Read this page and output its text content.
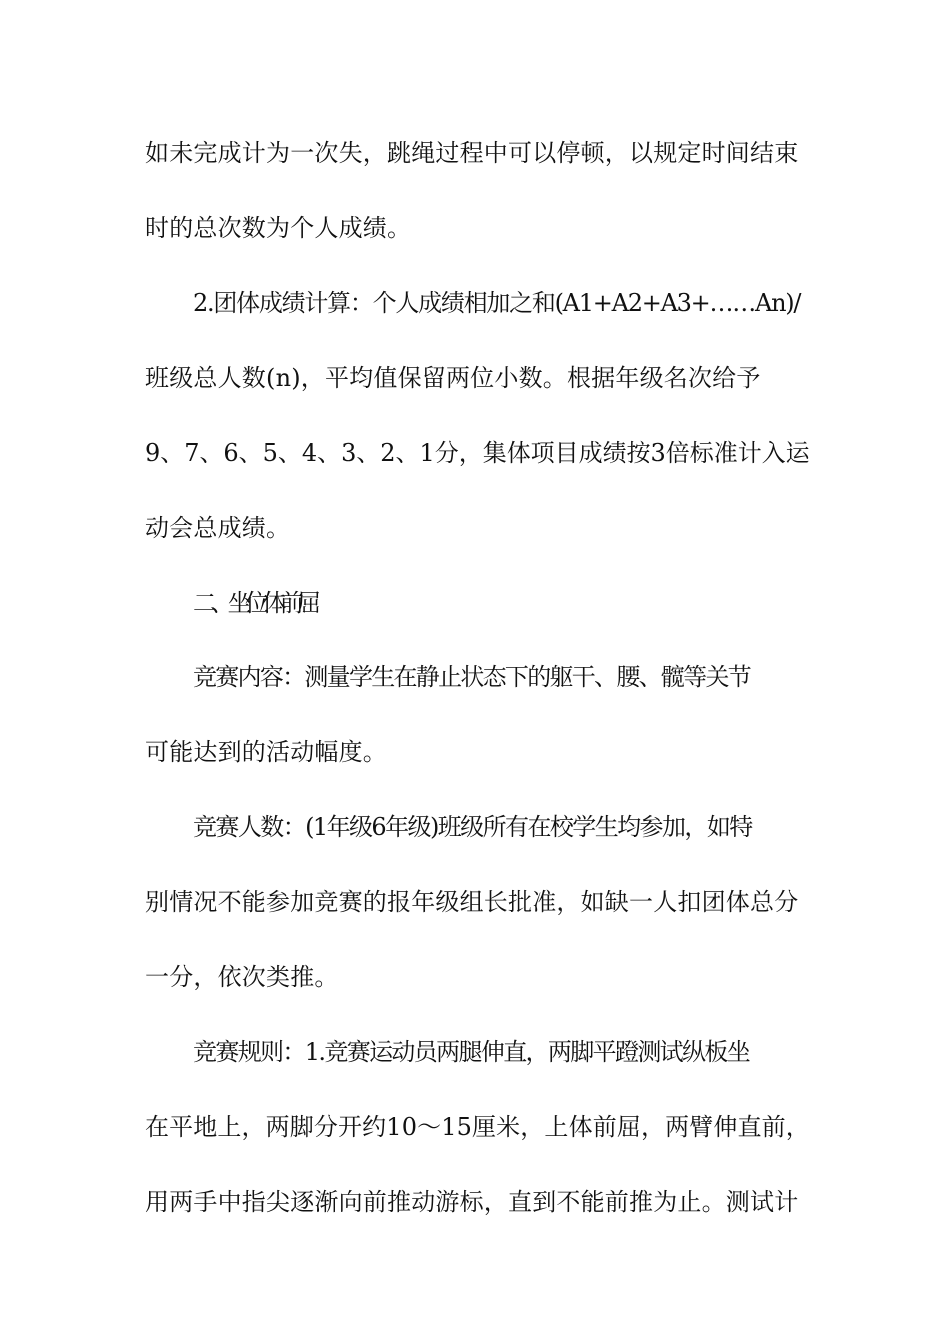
如未完成计为一次失，跳绳过程中可以停顿，以规定时间结束
时的总次数为个人成绩。
2.团体成绩计算：个人成绩相加之和(A1+A2+A3+……An)/
班级总人数(n)，平均值保留两位小数。根据年级名次给予
9、7、6、5、4、3、2、1分，集体项目成绩按3倍标准计入运
动会总成绩。
二、坐位体前屈
竞赛内容：测量学生在静止状态下的躯干、腰、髋等关节
可能达到的活动幅度。
竞赛人数：(1年级6年级)班级所有在校学生均参加，如特
别情况不能参加竞赛的报年级组长批准，如缺一人扣团体总分
一分，依次类推。
竞赛规则：1.竞赛运动员两腿伸直，两脚平蹬测试纵板坐
在平地上，两脚分开约10～15厘米，上体前屈，两臂伸直前，
用两手中指尖逐渐向前推动游标，直到不能前推为止。测试计
